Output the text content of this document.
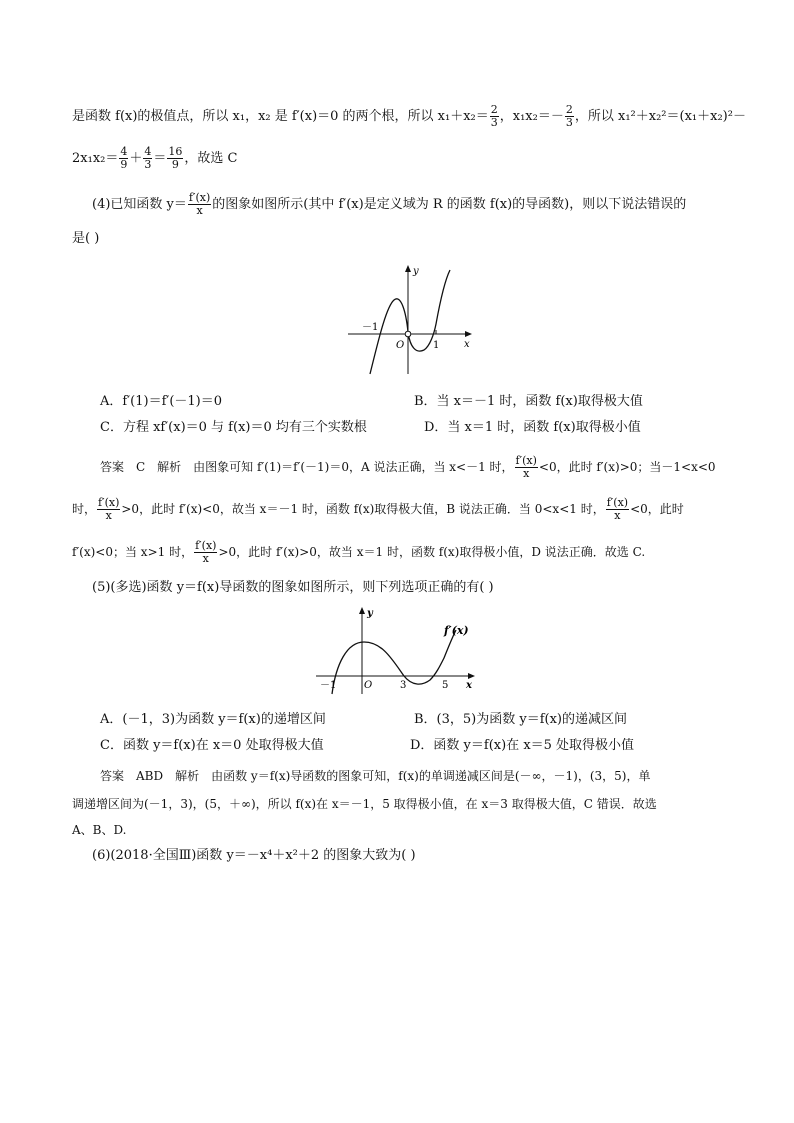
是函数 f(x)的极值点，所以 x₁，x₂ 是 f′(x)＝0 的两个根，所以 $x_1+x_2= \frac{2}{3}$ ，$x_1x_2=- \frac{2}{3}$ ，所以 x₁²＋x₂²＝(x₁＋x₂)²－
$2x_1x_2= \frac{4}{9} + \frac{4}{3} = \frac{16}{9}$ ，故选 C
(4)已知函数 $y= \frac{f'(x)}{x}$ 的图象如图所示(其中 f′(x)是定义域为 R 的函数 f(x)的导函数)，则以下说法错误的
是( )
y
x
O
－1
1
A．f′(1)＝f′(－1)＝0	B．当 x＝－1 时，函数 f(x)取得极大值
C．方程 xf′(x)＝0 与 f(x)＝0 均有三个实数根	D．当 x＝1 时，函数 f(x)取得极小值
答案　C　解析　由图象可知 f′(1)＝f′(－1)＝0，A 说法正确，当 x<－1 时， $\frac{f'(x)}{x} <0$，此时 f′(x)>0；当－1<x<0
时， $\frac{f'(x)}{x} >0$，此时 f′(x)<0，故当 x＝－1 时，函数 f(x)取得极大值，B 说法正确．当 0<x<1 时， $\frac{f'(x)}{x} <0$，此时
f′(x)<0；当 x>1 时， $\frac{f'(x)}{x} >0$，此时 f′(x)>0，故当 x＝1 时，函数 f(x)取得极小值，D 说法正确．故选 C.
(5)(多选)函数 y＝f(x)导函数的图象如图所示，则下列选项正确的有( )
y
x
O
f′(x)
－1	3	5
A．(－1，3)为函数 y＝f(x)的递增区间	B．(3，5)为函数 y＝f(x)的递减区间
C．函数 y＝f(x)在 x＝0 处取得极大值	D．函数 y＝f(x)在 x＝5 处取得极小值
答案　ABD　解析　由函数 y＝f(x)导函数的图象可知，f(x)的单调递减区间是(－∞，－1)，(3，5)，单
调递增区间为(－1，3)，(5，＋∞)，所以 f(x)在 x＝－1，5 取得极小值，在 x＝3 取得极大值，C 错误．故选
A、B、D.
(6)(2018·全国Ⅲ)函数 y＝－x⁴＋x²＋2 的图象大致为( )
